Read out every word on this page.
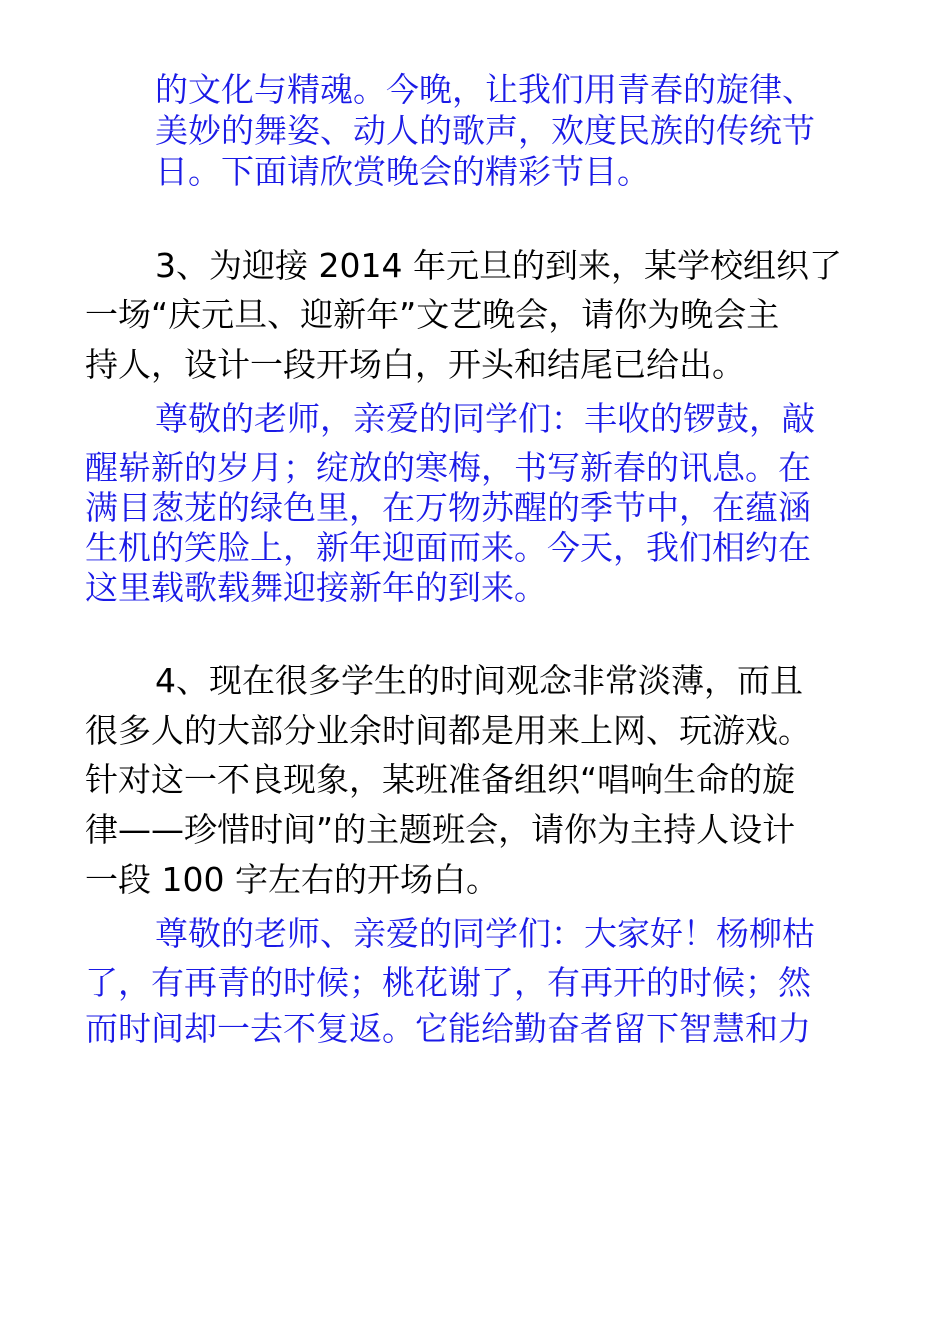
的文化与精魂。今晚，让我们用青春的旋律、
美妙的舞姿、动人的歌声，欢度民族的传统节
日。下面请欣赏晚会的精彩节目。
3、为迎接 2014 年元旦的到来，某学校组织了
一场“庆元旦、迎新年”文艺晚会，请你为晚会主
持人，设计一段开场白，开头和结尾已给出。
尊敬的老师，亲爱的同学们：丰收的锣鼓，敲
醒崭新的岁月；绽放的寒梅，书写新春的讯息。在
满目葱茏的绿色里，在万物苏醒的季节中，在蕴涵
生机的笑脸上，新年迎面而来。今天，我们相约在
这里载歌载舞迎接新年的到来。
4、现在很多学生的时间观念非常淡薄，而且
很多人的大部分业余时间都是用来上网、玩游戏。
针对这一不良现象，某班准备组织“唱响生命的旋
律——珍惜时间”的主题班会，请你为主持人设计
一段 100 字左右的开场白。
尊敬的老师、亲爱的同学们：大家好！杨柳枯
了，有再青的时候；桃花谢了，有再开的时候；然
而时间却一去不复返。它能给勤奋者留下智慧和力
